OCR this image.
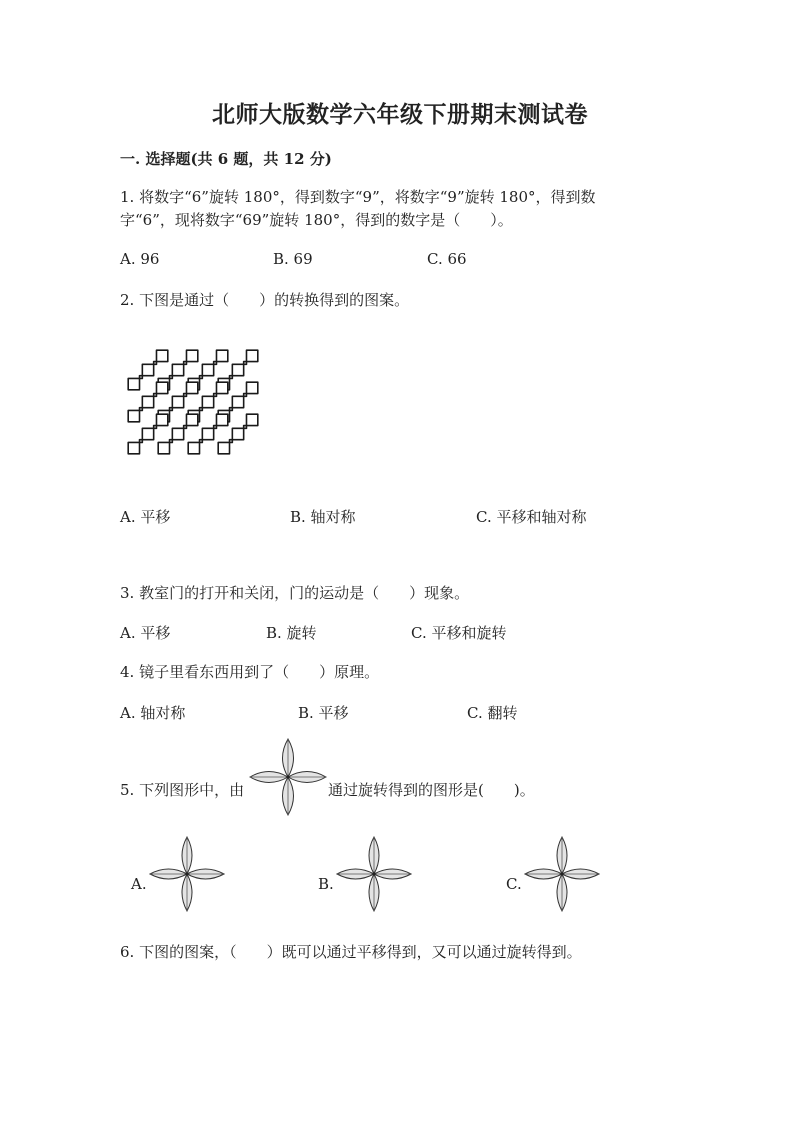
北师大版数学六年级下册期末测试卷
一. 选择题(共 6 题，共 12 分)
1. 将数字“6”旋转 180°，得到数字“9”，将数字“9”旋转 180°，得到数
字“6”，现将数字“69”旋转 180°，得到的数字是（　　）。
A. 96	B. 69	C. 66
2. 下图是通过（　　）的转换得到的图案。
A. 平移	B. 轴对称	C. 平移和轴对称
3. 教室门的打开和关闭，门的运动是（　　）现象。
A. 平移	B. 旋转	C. 平移和旋转
4. 镜子里看东西用到了（　　）原理。
A. 轴对称	B. 平移	C. 翻转
5. 下列图形中，由	通过旋转得到的图形是(　　)。
A.	B.	C.
6. 下图的图案，（　　）既可以通过平移得到，又可以通过旋转得到。
